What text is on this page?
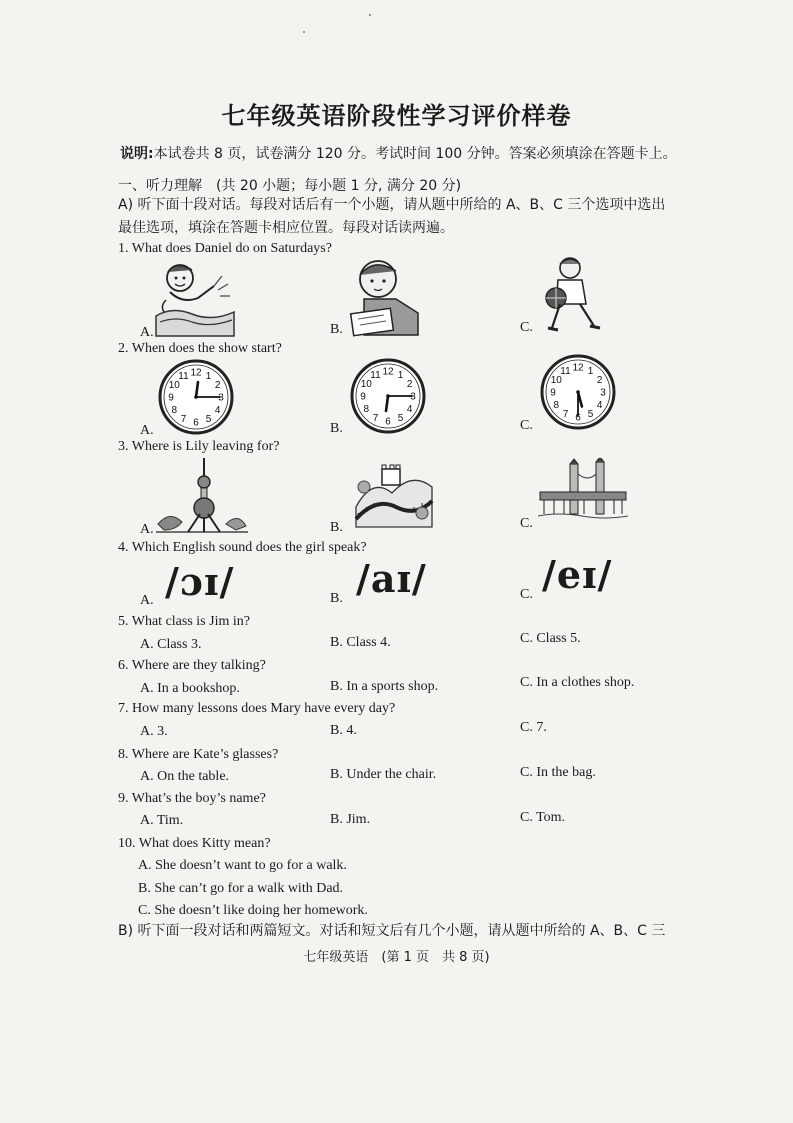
七年级英语阶段性学习评价样卷
说明:本试卷共 8 页，试卷满分 120 分。考试时间 100 分钟。答案必须填涂在答题卡上。
一、听力理解　(共 20 小题；每小题 1 分, 满分 20 分)
A) 听下面十段对话。每段对话后有一个小题，请从题中所给的 A、B、C 三个选项中选出最佳选项，填涂在答题卡相应位置。每段对话读两遍。
1. What does Daniel do on Saturdays?
A.	B.	C.
2. When does the show start?
A.	B.	C.
1
2
3
4
5
6
7
8
9
10
11 12	1
2
3
4
5
6
7
8
9
10
11 12	1
2
3
4
5
6
7
8
9
10
11 12
3. Where is Lily leaving for?
A.	B.	C.
4. Which English sound does the girl speak?
A. /ɔɪ/	B. /aɪ/	C. /eɪ/
5. What class is Jim in?
A. Class 3.	B. Class 4.	C. Class 5.
6. Where are they talking?
A. In a bookshop.	B. In a sports shop.	C. In a clothes shop.
7. How many lessons does Mary have every day?
A. 3.	B. 4.	C. 7.
8. Where are Kate’s glasses?
A. On the table.	B. Under the chair.	C. In the bag.
9. What’s the boy’s name?
A. Tim.	B. Jim.	C. Tom.
10. What does Kitty mean?
A. She doesn’t want to go for a walk.
B. She can’t go for a walk with Dad.
C. She doesn’t like doing her homework.
B) 听下面一段对话和两篇短文。对话和短文后有几个小题，请从题中所给的 A、B、C 三
七年级英语　(第 1 页　共 8 页)
